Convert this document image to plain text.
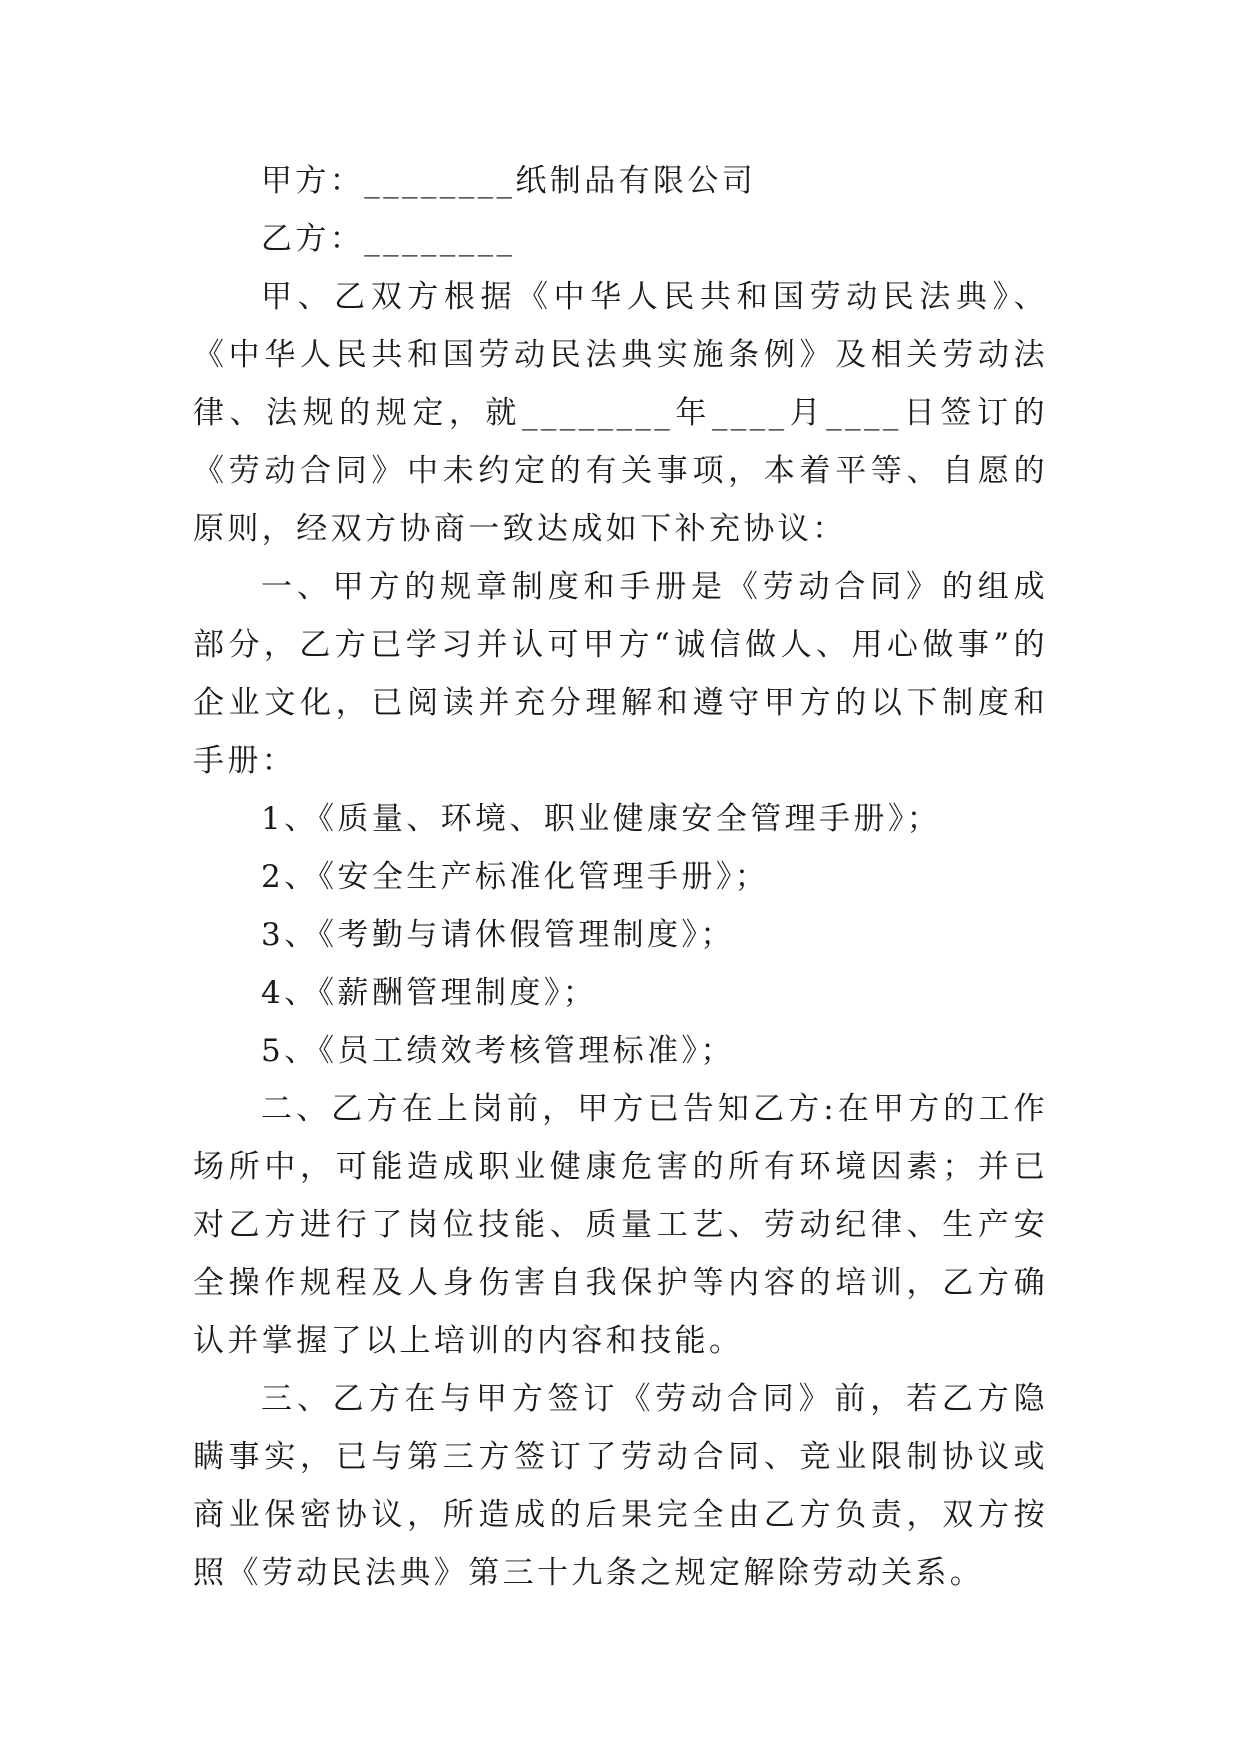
甲方：________纸制品有限公司

乙方：________

甲、乙双方根据《中华人民共和国劳动民法典》、《中华人民共和国劳动民法典实施条例》及相关劳动法律、法规的规定，就________年____月____日签订的《劳动合同》中未约定的有关事项，本着平等、自愿的原则，经双方协商一致达成如下补充协议：

一、甲方的规章制度和手册是《劳动合同》的组成部分，乙方已学习并认可甲方“诚信做人、用心做事”的企业文化，已阅读并充分理解和遵守甲方的以下制度和手册：

1、《质量、环境、职业健康安全管理手册》；

2、《安全生产标准化管理手册》；

3、《考勤与请休假管理制度》；

4、《薪酬管理制度》；

5、《员工绩效考核管理标准》；

二、乙方在上岗前，甲方已告知乙方:在甲方的工作场所中，可能造成职业健康危害的所有环境因素；并已对乙方进行了岗位技能、质量工艺、劳动纪律、生产安全操作规程及人身伤害自我保护等内容的培训，乙方确认并掌握了以上培训的内容和技能。

三、乙方在与甲方签订《劳动合同》前，若乙方隐瞒事实，已与第三方签订了劳动合同、竞业限制协议或商业保密协议，所造成的后果完全由乙方负责，双方按照《劳动民法典》第三十九条之规定解除劳动关系。
